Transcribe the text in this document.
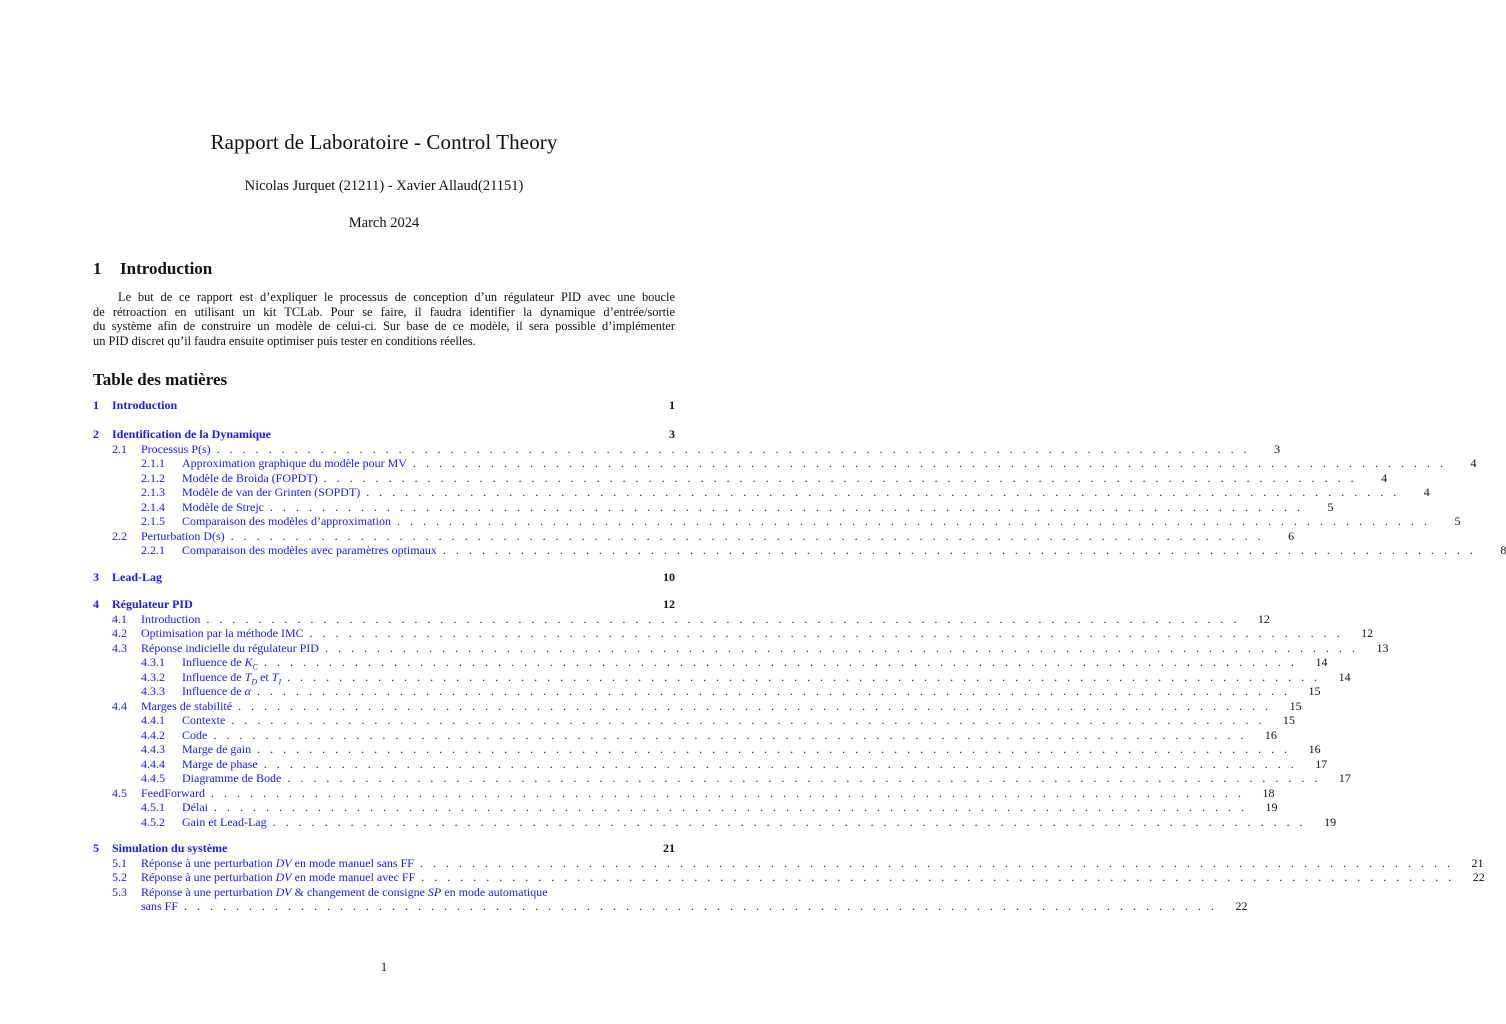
Rapport de Laboratoire - Control Theory
Nicolas Jurquet (21211) - Xavier Allaud(21151)
March 2024
1 Introduction
Le but de ce rapport est d’expliquer le processus de conception d’un régulateur PID avec une boucle
de rétroaction en utilisant un kit TCLab. Pour se faire, il faudra identifier la dynamique d’entrée/sortie
du système afin de construire un modèle de celui-ci. Sur base de ce modèle, il sera possible d’implémenter
un PID discret qu’il faudra ensuite optimiser puis tester en conditions réelles.
Table des matières
1	Introduction	1
2	Identification de la Dynamique	3
2.1	Processus P(s) . . . . . . . . . . . . . . . . . . . . . . . . . . . . . . . . . . . . . . . . . . . . . . . . . . . . . . . . . . . . . . . . . . . . . . . . . . . . . . . .	3
2.1.1	Approximation graphique du modèle pour MV . . . . . . . . . . . . . . . . . . . . . . . . . . . . . . . . . . . . . . . . . . . . . . . . . . . . . . . . . . . . . . . . . . . . . . . . . . . . . . . .	4
2.1.2	Modèle de Broida (FOPDT) . . . . . . . . . . . . . . . . . . . . . . . . . . . . . . . . . . . . . . . . . . . . . . . . . . . . . . . . . . . . . . . . . . . . . . . . . . . . . . . .	4
2.1.3	Modèle de van der Grinten (SOPDT) . . . . . . . . . . . . . . . . . . . . . . . . . . . . . . . . . . . . . . . . . . . . . . . . . . . . . . . . . . . . . . . . . . . . . . . . . . . . . . . .	4
2.1.4	Modèle de Strejc . . . . . . . . . . . . . . . . . . . . . . . . . . . . . . . . . . . . . . . . . . . . . . . . . . . . . . . . . . . . . . . . . . . . . . . . . . . . . . . .	5
2.1.5	Comparaison des modèles d’approximation . . . . . . . . . . . . . . . . . . . . . . . . . . . . . . . . . . . . . . . . . . . . . . . . . . . . . . . . . . . . . . . . . . . . . . . . . . . . . . . .	5
2.2	Perturbation D(s) . . . . . . . . . . . . . . . . . . . . . . . . . . . . . . . . . . . . . . . . . . . . . . . . . . . . . . . . . . . . . . . . . . . . . . . . . . . . . . . .	6
2.2.1	Comparaison des modèles avec paramètres optimaux . . . . . . . . . . . . . . . . . . . . . . . . . . . . . . . . . . . . . . . . . . . . . . . . . . . . . . . . . . . . . . . . . . . . . . . . . . . . . . . .	8
3	Lead-Lag	10
4	Régulateur PID	12
4.1	Introduction . . . . . . . . . . . . . . . . . . . . . . . . . . . . . . . . . . . . . . . . . . . . . . . . . . . . . . . . . . . . . . . . . . . . . . . . . . . . . . . .	12
4.2	Optimisation par la méthode IMC . . . . . . . . . . . . . . . . . . . . . . . . . . . . . . . . . . . . . . . . . . . . . . . . . . . . . . . . . . . . . . . . . . . . . . . . . . . . . . . .	12
4.3	Réponse indicielle du régulateur PID . . . . . . . . . . . . . . . . . . . . . . . . . . . . . . . . . . . . . . . . . . . . . . . . . . . . . . . . . . . . . . . . . . . . . . . . . . . . . . . .	13
4.3.1	Influence de $K_C$ . . . . . . . . . . . . . . . . . . . . . . . . . . . . . . . . . . . . . . . . . . . . . . . . . . . . . . . . . . . . . . . . . . . . . . . . . . . . . . . .	14
4.3.2	Influence de $T_D$ et $T_I$ . . . . . . . . . . . . . . . . . . . . . . . . . . . . . . . . . . . . . . . . . . . . . . . . . . . . . . . . . . . . . . . . . . . . . . . . . . . . . . . .	14
4.3.3	Influence de α . . . . . . . . . . . . . . . . . . . . . . . . . . . . . . . . . . . . . . . . . . . . . . . . . . . . . . . . . . . . . . . . . . . . . . . . . . . . . . . .	15
4.4	Marges de stabilité . . . . . . . . . . . . . . . . . . . . . . . . . . . . . . . . . . . . . . . . . . . . . . . . . . . . . . . . . . . . . . . . . . . . . . . . . . . . . . . .	15
4.4.1	Contexte . . . . . . . . . . . . . . . . . . . . . . . . . . . . . . . . . . . . . . . . . . . . . . . . . . . . . . . . . . . . . . . . . . . . . . . . . . . . . . . .	15
4.4.2	Code . . . . . . . . . . . . . . . . . . . . . . . . . . . . . . . . . . . . . . . . . . . . . . . . . . . . . . . . . . . . . . . . . . . . . . . . . . . . . . . .	16
4.4.3	Marge de gain . . . . . . . . . . . . . . . . . . . . . . . . . . . . . . . . . . . . . . . . . . . . . . . . . . . . . . . . . . . . . . . . . . . . . . . . . . . . . . . .	16
4.4.4	Marge de phase . . . . . . . . . . . . . . . . . . . . . . . . . . . . . . . . . . . . . . . . . . . . . . . . . . . . . . . . . . . . . . . . . . . . . . . . . . . . . . . .	17
4.4.5	Diagramme de Bode . . . . . . . . . . . . . . . . . . . . . . . . . . . . . . . . . . . . . . . . . . . . . . . . . . . . . . . . . . . . . . . . . . . . . . . . . . . . . . . .	17
4.5	FeedForward . . . . . . . . . . . . . . . . . . . . . . . . . . . . . . . . . . . . . . . . . . . . . . . . . . . . . . . . . . . . . . . . . . . . . . . . . . . . . . . .	18
4.5.1	Délai . . . . . . . . . . . . . . . . . . . . . . . . . . . . . . . . . . . . . . . . . . . . . . . . . . . . . . . . . . . . . . . . . . . . . . . . . . . . . . . .	19
4.5.2	Gain et Lead-Lag . . . . . . . . . . . . . . . . . . . . . . . . . . . . . . . . . . . . . . . . . . . . . . . . . . . . . . . . . . . . . . . . . . . . . . . . . . . . . . . .	19
5	Simulation du système	21
5.1	Réponse à une perturbation DV en mode manuel sans FF . . . . . . . . . . . . . . . . . . . . . . . . . . . . . . . . . . . . . . . . . . . . . . . . . . . . . . . . . . . . . . . . . . . . . . . . . . . . . . . .	21
5.2	Réponse à une perturbation DV en mode manuel avec FF . . . . . . . . . . . . . . . . . . . . . . . . . . . . . . . . . . . . . . . . . . . . . . . . . . . . . . . . . . . . . . . . . . . . . . . . . . . . . . . .	22
5.3	Réponse à une perturbation DV & changement de consigne SP en mode automatique
sans FF . . . . . . . . . . . . . . . . . . . . . . . . . . . . . . . . . . . . . . . . . . . . . . . . . . . . . . . . . . . . . . . . . . . . . . . . . . . . . . . .	22
1
